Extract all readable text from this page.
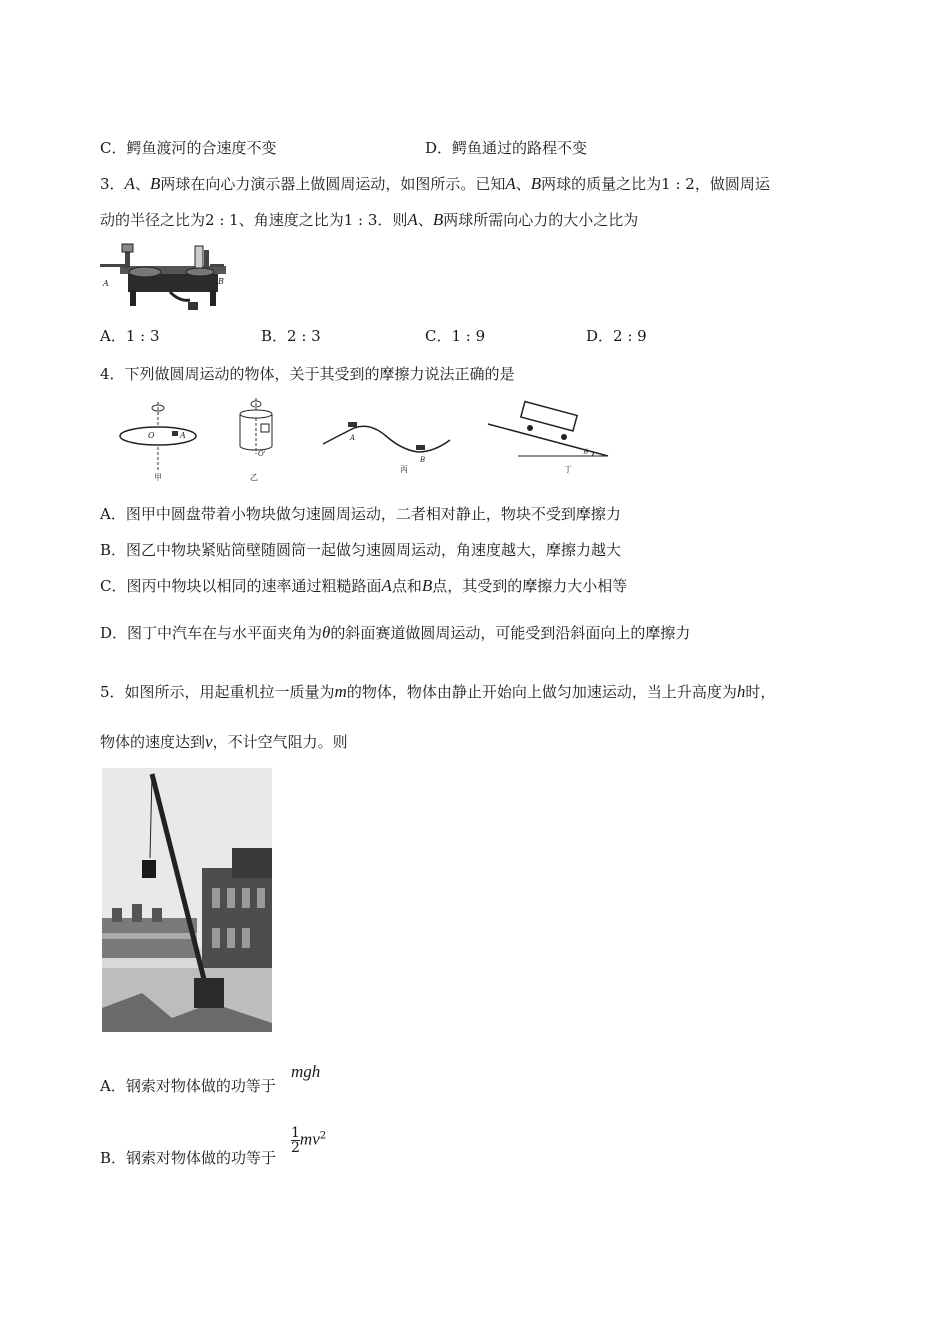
C．鳄鱼渡河的合速度不变	D．鳄鱼通过的路程不变
3．A、B两球在向心力演示器上做圆周运动，如图所示。已知A、B两球的质量之比为1 : 2，做圆周运
动的半径之比为2 : 1、角速度之比为1 : 3．则A、B两球所需向心力的大小之比为
A	B
A．1 : 3	B．2 : 3	C．1 : 9	D．2 : 9
4．下列做圆周运动的物体，关于其受到的摩擦力说法正确的是
O	A
甲
O'
乙
A
B
丙
θ
丁
A．图甲中圆盘带着小物块做匀速圆周运动，二者相对静止，物块不受到摩擦力
B．图乙中物块紧贴筒壁随圆筒一起做匀速圆周运动，角速度越大，摩擦力越大
C．图丙中物块以相同的速率通过粗糙路面A点和B点，其受到的摩擦力大小相等
D．图丁中汽车在与水平面夹角为θ的斜面赛道做圆周运动，可能受到沿斜面向上的摩擦力
5．如图所示，用起重机拉一质量为m的物体，物体由静止开始向上做匀加速运动，当上升高度为h时，
物体的速度达到v，不计空气阻力。则
A．钢索对物体做的功等于
mgh
B．钢索对物体做的功等于
$\frac{1}{2} mv^2$
